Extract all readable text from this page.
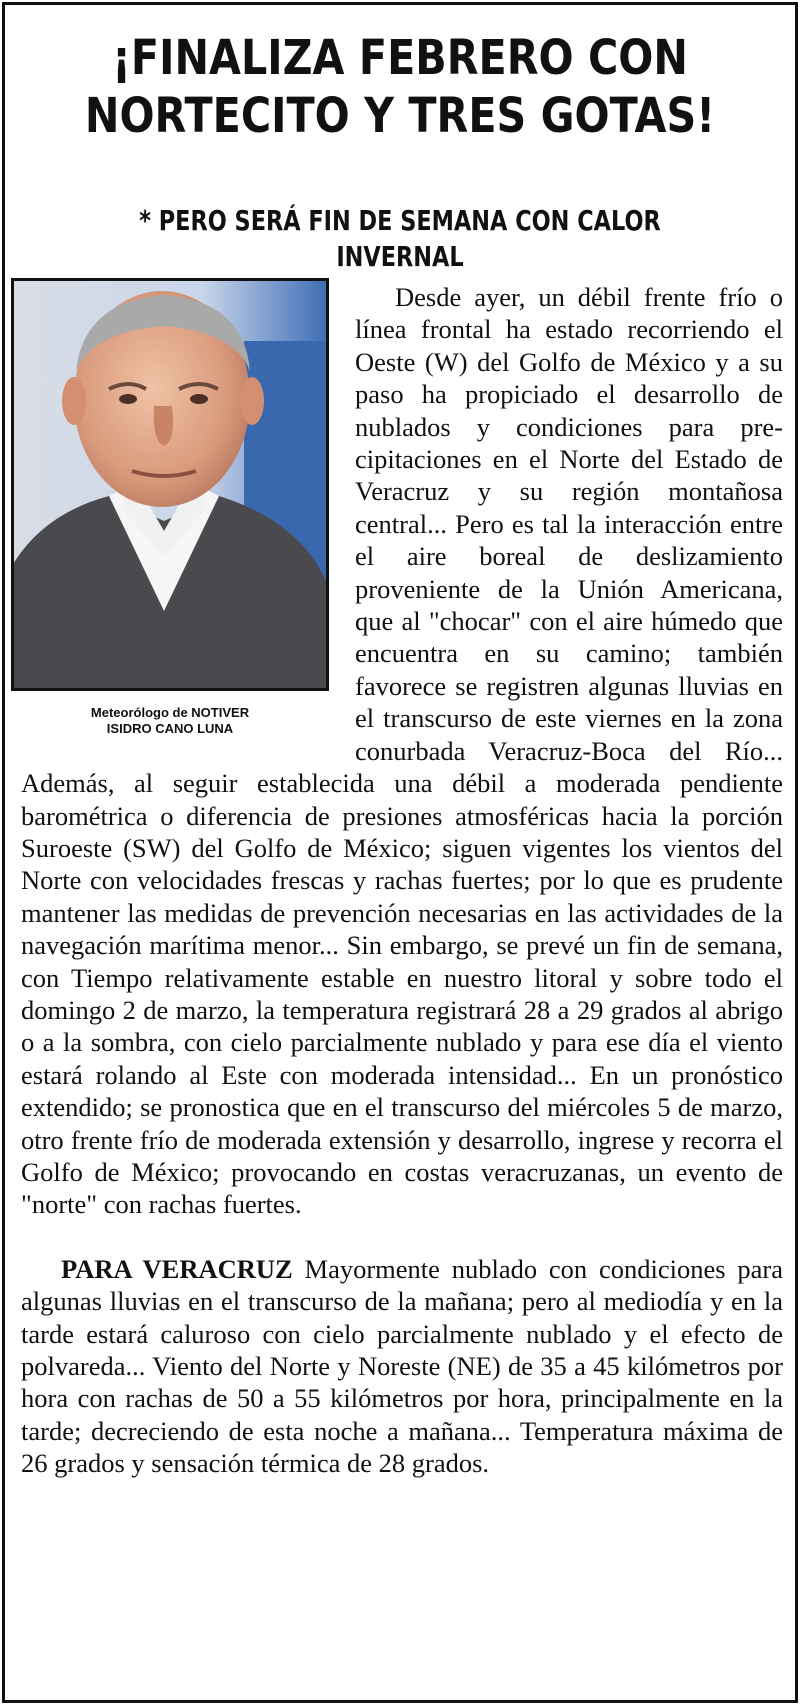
¡FINALIZA FEBRERO CON
NORTECITO Y TRES GOTAS!
* PERO SERÁ FIN DE SEMANA CON CALOR INVERNAL
Meteorólogo de NOTIVER
ISIDRO CANO LUNA

Desde ayer, un débil frente frío o línea frontal ha estado recorriendo el Oeste (W) del Golfo de México y a su paso ha propiciado el desarrollo de nublados y condiciones para precipitaciones en el Norte del Estado de Veracruz y su región montañosa central... Pero es tal la interacción entre el aire boreal de deslizamiento proveniente de la Unión Americana, que al "chocar" con el aire húmedo que encuentra en su camino; también favorece se registren algunas lluvias en el transcurso de este viernes en la zona conurbada Veracruz-Boca del Río... Además, al seguir establecida una débil a moderada pendiente barométrica o diferencia de presiones atmosféricas hacia la porción Suroeste (SW) del Golfo de México; siguen vigentes los vientos del Norte con velocidades frescas y rachas fuertes; por lo que es prudente mantener las medidas de prevención necesarias en las actividades de la navegación marítima menor... Sin embargo, se prevé un fin de semana, con Tiempo relativamente estable en nuestro litoral y sobre todo el domingo 2 de marzo, la temperatura registrará 28 a 29 grados al abrigo o a la sombra, con cielo parcialmente nublado y para ese día el viento estará rolando al Este con moderada intensidad... En un pronóstico extendido; se pronostica que en el transcurso del miércoles 5 de marzo, otro frente frío de moderada extensión y desarrollo, ingrese y recorra el Golfo de México; provocando en costas veracruzanas, un evento de "norte" con rachas fuertes.

PARA VERACRUZ Mayormente nublado con condiciones para algunas lluvias en el transcurso de la mañana; pero al mediodía y en la tarde estará caluroso con cielo parcialmente nublado y el efecto de polvareda... Viento del Norte y Noreste (NE) de 35 a 45 kilómetros por hora con rachas de 50 a 55 kilómetros por hora, principalmente en la tarde; decreciendo de esta noche a mañana... Temperatura máxima de 26 grados y sensación térmica de 28 grados.
